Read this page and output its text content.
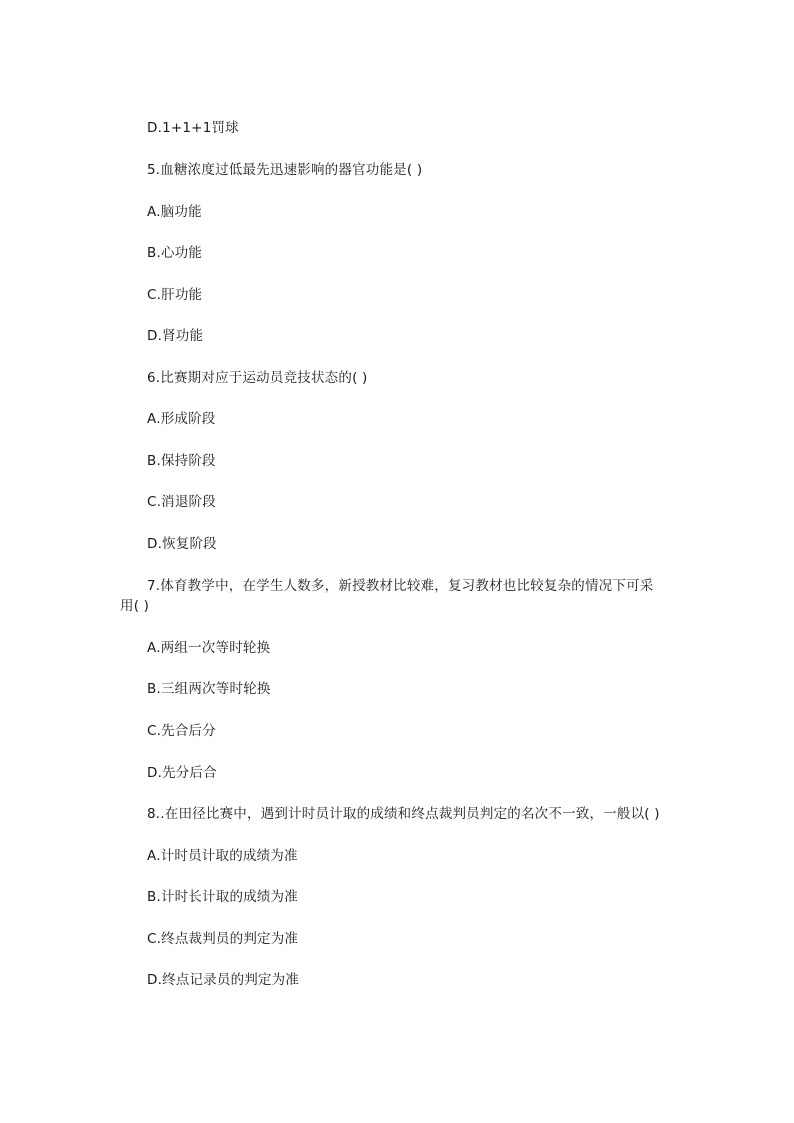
D.1+1+1罚球
5.血糖浓度过低最先迅速影响的器官功能是( )
A.脑功能
B.心功能
C.肝功能
D.肾功能
6.比赛期对应于运动员竞技状态的( )
A.形成阶段
B.保持阶段
C.消退阶段
D.恢复阶段
7.体育教学中，在学生人数多，新授教材比较难，复习教材也比较复杂的情况下可采
用( )
A.两组一次等时轮换
B.三组两次等时轮换
C.先合后分
D.先分后合
8..在田径比赛中，遇到计时员计取的成绩和终点裁判员判定的名次不一致，一般以( )
A.计时员计取的成绩为准
B.计时长计取的成绩为准
C.终点裁判员的判定为准
D.终点记录员的判定为准
